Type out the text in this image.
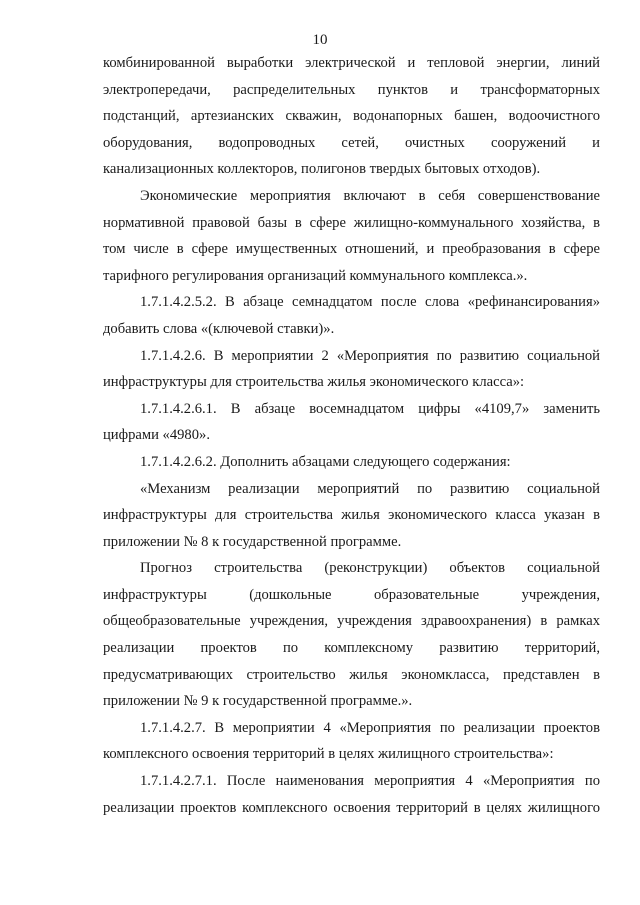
10
комбинированной выработки электрической и тепловой энергии, линий
электропередачи, распределительных пунктов и трансформаторных
подстанций, артезианских скважин, водонапорных башен, водоочистного
оборудования, водопроводных сетей, очистных сооружений и
канализационных коллекторов, полигонов твердых бытовых отходов).
Экономические мероприятия включают в себя совершенствование
нормативной правовой базы в сфере жилищно-коммунального хозяйства, в
том числе в сфере имущественных отношений, и преобразования в сфере
тарифного регулирования организаций коммунального комплекса.».
1.7.1.4.2.5.2. В абзаце семнадцатом после слова «рефинансирования»
добавить слова «(ключевой ставки)».
1.7.1.4.2.6. В мероприятии 2 «Мероприятия по развитию социальной
инфраструктуры для строительства жилья экономического класса»:
1.7.1.4.2.6.1. В абзаце восемнадцатом цифры «4109,7» заменить
цифрами «4980».
1.7.1.4.2.6.2. Дополнить абзацами следующего содержания:
«Механизм реализации мероприятий по развитию социальной
инфраструктуры для строительства жилья экономического класса указан в
приложении № 8 к государственной программе.
Прогноз строительства (реконструкции) объектов социальной
инфраструктуры (дошкольные образовательные учреждения,
общеобразовательные учреждения, учреждения здравоохранения) в рамках
реализации проектов по комплексному развитию территорий,
предусматривающих строительство жилья экономкласса, представлен в
приложении № 9 к государственной программе.».
1.7.1.4.2.7. В мероприятии 4 «Мероприятия по реализации проектов
комплексного освоения территорий в целях жилищного строительства»:
1.7.1.4.2.7.1. После наименования мероприятия 4 «Мероприятия по
реализации проектов комплексного освоения территорий в целях жилищного
